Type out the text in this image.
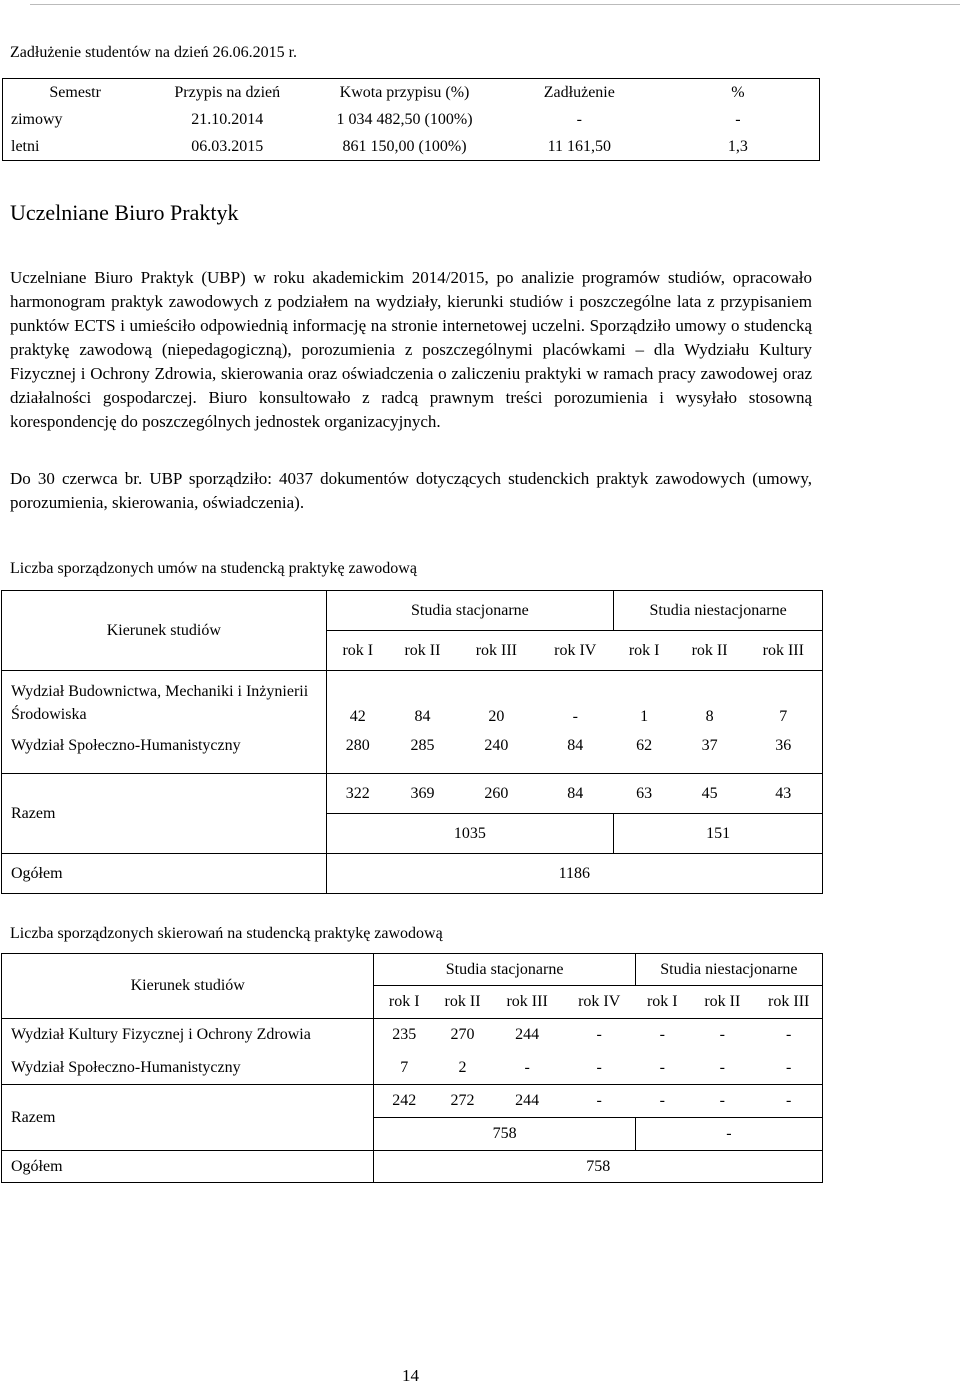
Zadłużenie studentów na dzień 26.06.2015 r.
Semestr	Przypis na dzień	Kwota przypisu (%)	Zadłużenie	%
zimowy	21.10.2014	1 034 482,50 (100%)	-	-
letni	06.03.2015	861 150,00 (100%)	11 161,50	1,3
Uczelniane Biuro Praktyk

Uczelniane Biuro Praktyk (UBP) w roku akademickim 2014/2015, po analizie programów studiów, opracowało harmonogram praktyk zawodowych z podziałem na wydziały, kierunki studiów i poszczególne lata z przypisaniem punktów ECTS i umieściło odpowiednią informację na stronie internetowej uczelni. Sporządziło umowy o studencką praktykę zawodową (niepedagogiczną), porozumienia z poszczególnymi placówkami – dla Wydziału Kultury Fizycznej i Ochrony Zdrowia, skierowania oraz oświadczenia o zaliczeniu praktyki w ramach pracy zawodowej oraz działalności gospodarczej. Biuro konsultowało z radcą prawnym treści porozumienia i wysyłało stosowną korespondencję do poszczególnych jednostek organizacyjnych.

Do 30 czerwca br. UBP sporządziło: 4037 dokumentów dotyczących studenckich praktyk zawodowych (umowy, porozumienia, skierowania, oświadczenia).

Liczba sporządzonych umów na studencką praktykę zawodową
Kierunek studiów	Studia stacjonarne				Studia niestacjonarne		
	rok I	rok II	rok III	rok IV	rok I	rok II	rok III
Wydział Budownictwa, Mechaniki i Inżynierii Środowiska	42	84	20	-	1	8	7
Wydział Społeczno-Humanistyczny	280	285	240	84	62	37	36
Razem	322	369	260	84	63	45	43
	1035				151		
Ogółem	1186						
Liczba sporządzonych skierowań na studencką praktykę zawodową
Kierunek studiów	Studia stacjonarne				Studia niestacjonarne		
	rok I	rok II	rok III	rok IV	rok I	rok II	rok III
Wydział Kultury Fizycznej i Ochrony Zdrowia	235	270	244	-	-	-	-
Wydział Społeczno-Humanistyczny	7	2	-	-	-	-	-
Razem	242	272	244	-	-	-	-
	758				-		
Ogółem	758						
14
